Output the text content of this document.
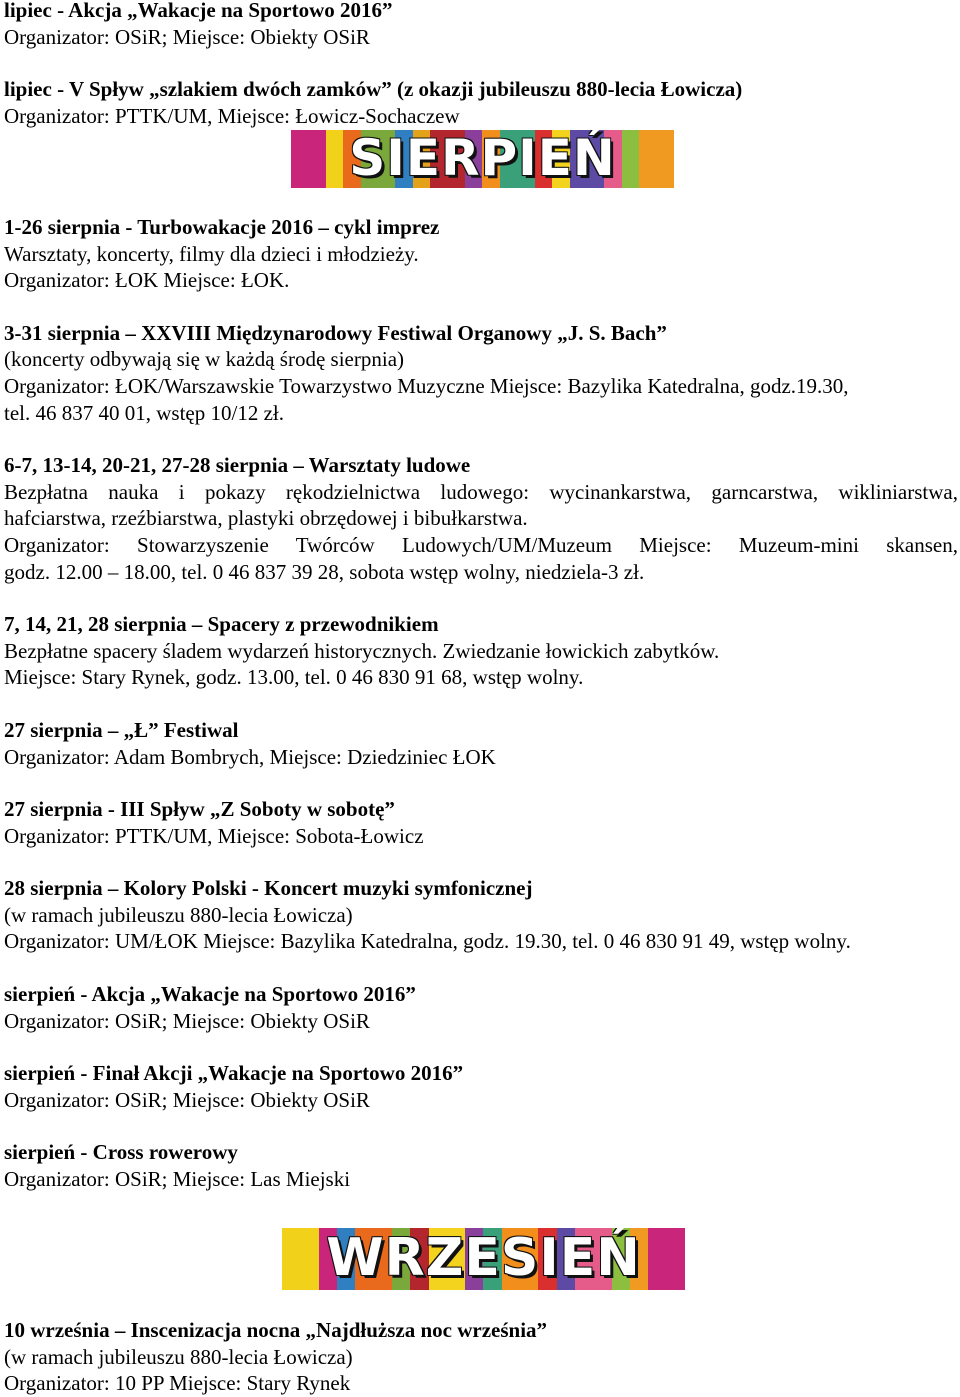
lipiec - Akcja „Wakacje na Sportowo 2016”
Organizator: OSiR; Miejsce: Obiekty OSiR
lipiec - V Spływ „szlakiem dwóch zamków” (z okazji jubileuszu 880-lecia Łowicza)
Organizator: PTTK/UM, Miejsce: Łowicz-Sochaczew
SIERPIEŃ
1-26 sierpnia - Turbowakacje 2016 – cykl imprez
Warsztaty, koncerty, filmy dla dzieci i młodzieży.
Organizator: ŁOK Miejsce: ŁOK.
3-31 sierpnia – XXVIII Międzynarodowy Festiwal Organowy „J. S. Bach”
(koncerty odbywają się w każdą środę sierpnia)
Organizator: ŁOK/Warszawskie Towarzystwo Muzyczne Miejsce: Bazylika Katedralna, godz.19.30,
tel. 46 837 40 01, wstęp 10/12 zł.
6-7, 13-14, 20-21, 27-28 sierpnia – Warsztaty ludowe
Bezpłatna nauka i pokazy rękodzielnictwa ludowego: wycinankarstwa, garncarstwa, wikliniarstwa,
hafciarstwa, rzeźbiarstwa, plastyki obrzędowej i bibułkarstwa.
Organizator: Stowarzyszenie Twórców Ludowych/UM/Muzeum Miejsce: Muzeum-mini skansen,
godz. 12.00 – 18.00, tel. 0 46 837 39 28, sobota wstęp wolny, niedziela-3 zł.
7, 14, 21, 28 sierpnia – Spacery z przewodnikiem
Bezpłatne spacery śladem wydarzeń historycznych. Zwiedzanie łowickich zabytków.
Miejsce: Stary Rynek, godz. 13.00, tel. 0 46 830 91 68, wstęp wolny.
27 sierpnia – „Ł” Festiwal
Organizator: Adam Bombrych, Miejsce: Dziedziniec ŁOK
27 sierpnia - III Spływ „Z Soboty w sobotę”
Organizator: PTTK/UM, Miejsce: Sobota-Łowicz
28 sierpnia – Kolory Polski - Koncert muzyki symfonicznej
(w ramach jubileuszu 880-lecia Łowicza)
Organizator: UM/ŁOK Miejsce: Bazylika Katedralna, godz. 19.30, tel. 0 46 830 91 49, wstęp wolny.
sierpień - Akcja „Wakacje na Sportowo 2016”
Organizator: OSiR; Miejsce: Obiekty OSiR
sierpień - Finał Akcji „Wakacje na Sportowo 2016”
Organizator: OSiR; Miejsce: Obiekty OSiR
sierpień - Cross rowerowy
Organizator: OSiR; Miejsce: Las Miejski
WRZESIEŃ
10 września – Inscenizacja nocna „Najdłuższa noc września”
(w ramach jubileuszu 880-lecia Łowicza)
Organizator: 10 PP Miejsce: Stary Rynek
